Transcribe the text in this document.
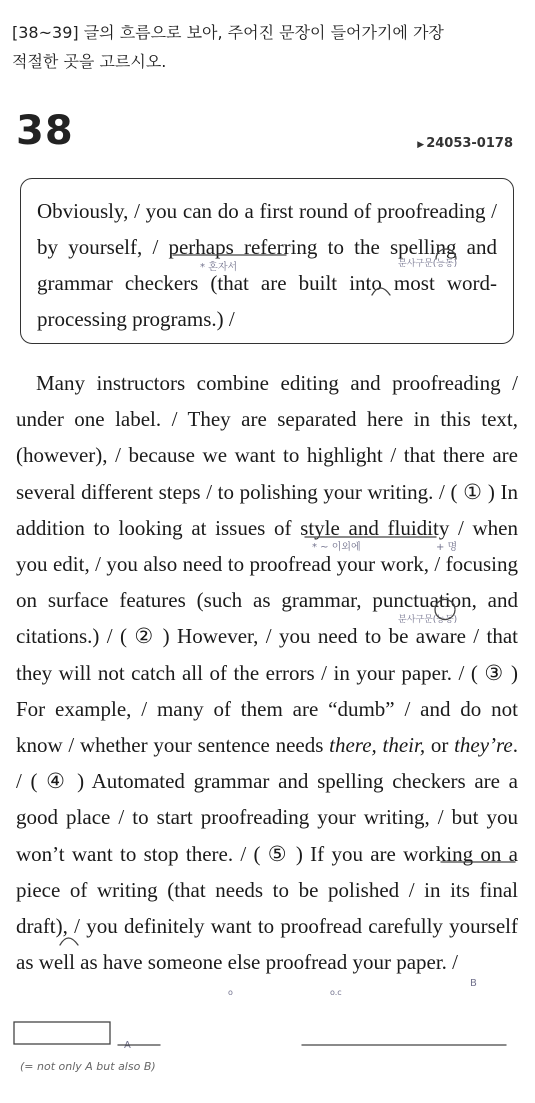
[38~39] 글의 흐름으로 보아, 주어진 문장이 들어가기에 가장
적절한 곳을 고르시오.
38	▶ 24053-0178
Obviously, / you can do a first round of proofreading / by yourself, / perhaps referring to the spelling and grammar checkers (that are built into most word-processing programs.) /

Many instructors combine editing and proofreading / under one label. / They are separated here in this text, (however), / because we want to highlight / that there are several different steps / to polishing your writing. / ( ① ) In addition to looking at issues of style and fluidity / when you edit, / you also need to proofread your work, / focusing on surface features (such as grammar, punctuation, and citations.) / ( ② ) However, / you need to be aware / that they will not catch all of the errors / in your paper. / ( ③ ) For example, / many of them are “dumb” / and do not know / whether your sentence needs there, their, or they’re. / ( ④ ) Automated grammar and spelling checkers are a good place / to start proofreading your writing, / but you won’t want to stop there. / ( ⑤ ) If you are working on a piece of writing (that needs to be polished / in its final draft), / you definitely want to proofread carefully yourself as well as have someone else proofread your paper. /

* 혼자서	분사구문(능동)
* ~ 이외에	+ 명
분사구문(능동)
A
B
o.c
o
(= not only A but also B)
